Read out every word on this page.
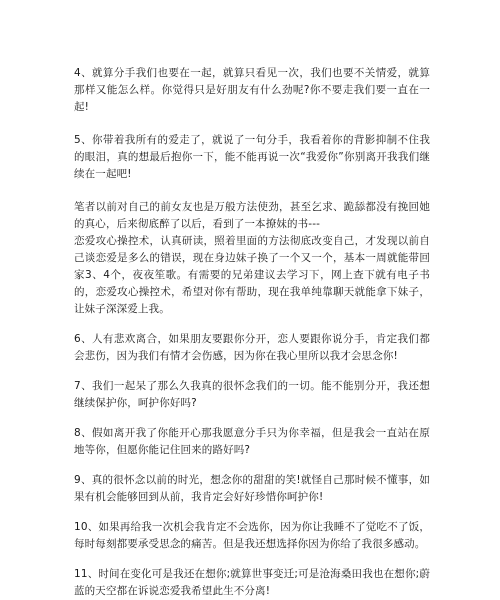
4、就算分手我们也要在一起，就算只看见一次，我们也要不关情爱，就算那样又能怎么样。你觉得只是好朋友有什么劲呢?你不要走我们要一直在一起!

5、你带着我所有的爱走了，就说了一句分手，我看着你的背影抑制不住我的眼泪，真的想最后抱你一下，能不能再说一次“我爱你”你别离开我我们继续在一起吧!

笔者以前对自己的前女友也是万般方法使劲，甚至乞求、跪舔都没有挽回她的真心，后来彻底醉了以后，看到了一本撩妹的书---
恋爱攻心操控术，认真研读，照着里面的方法彻底改变自己，才发现以前自己谈恋爱是多么的错误，现在身边妹子换了一个又一个，基本一周就能带回家3、4个，夜夜笙歌。有需要的兄弟建议去学习下，网上查下就有电子书的，恋爱攻心操控术，希望对你有帮助，现在我单纯靠聊天就能拿下妹子，让妹子深深爱上我。

6、人有悲欢离合，如果朋友要跟你分开，恋人要跟你说分手，肯定我们都会悲伤，因为我们有情才会伤感，因为你在我心里所以我才会思念你!

7、我们一起呆了那么久我真的很怀念我们的一切。能不能别分开，我还想继续保护你，呵护你好吗?

8、假如离开我了你能开心那我愿意分手只为你幸福，但是我会一直站在原地等你，但愿你能记住回来的路好吗?

9、真的很怀念以前的时光，想念你的甜甜的笑!就怪自己那时候不懂事，如果有机会能够回到从前，我肯定会好好珍惜你呵护你!

10、如果再给我一次机会我肯定不会选你，因为你让我睡不了觉吃不了饭，每时每刻都要承受思念的痛苦。但是我还想选择你因为你给了我很多感动。

11、时间在变化可是我还在想你;就算世事变迁;可是沧海桑田我也在想你;蔚蓝的天空都在诉说恋爱我希望此生不分离!
